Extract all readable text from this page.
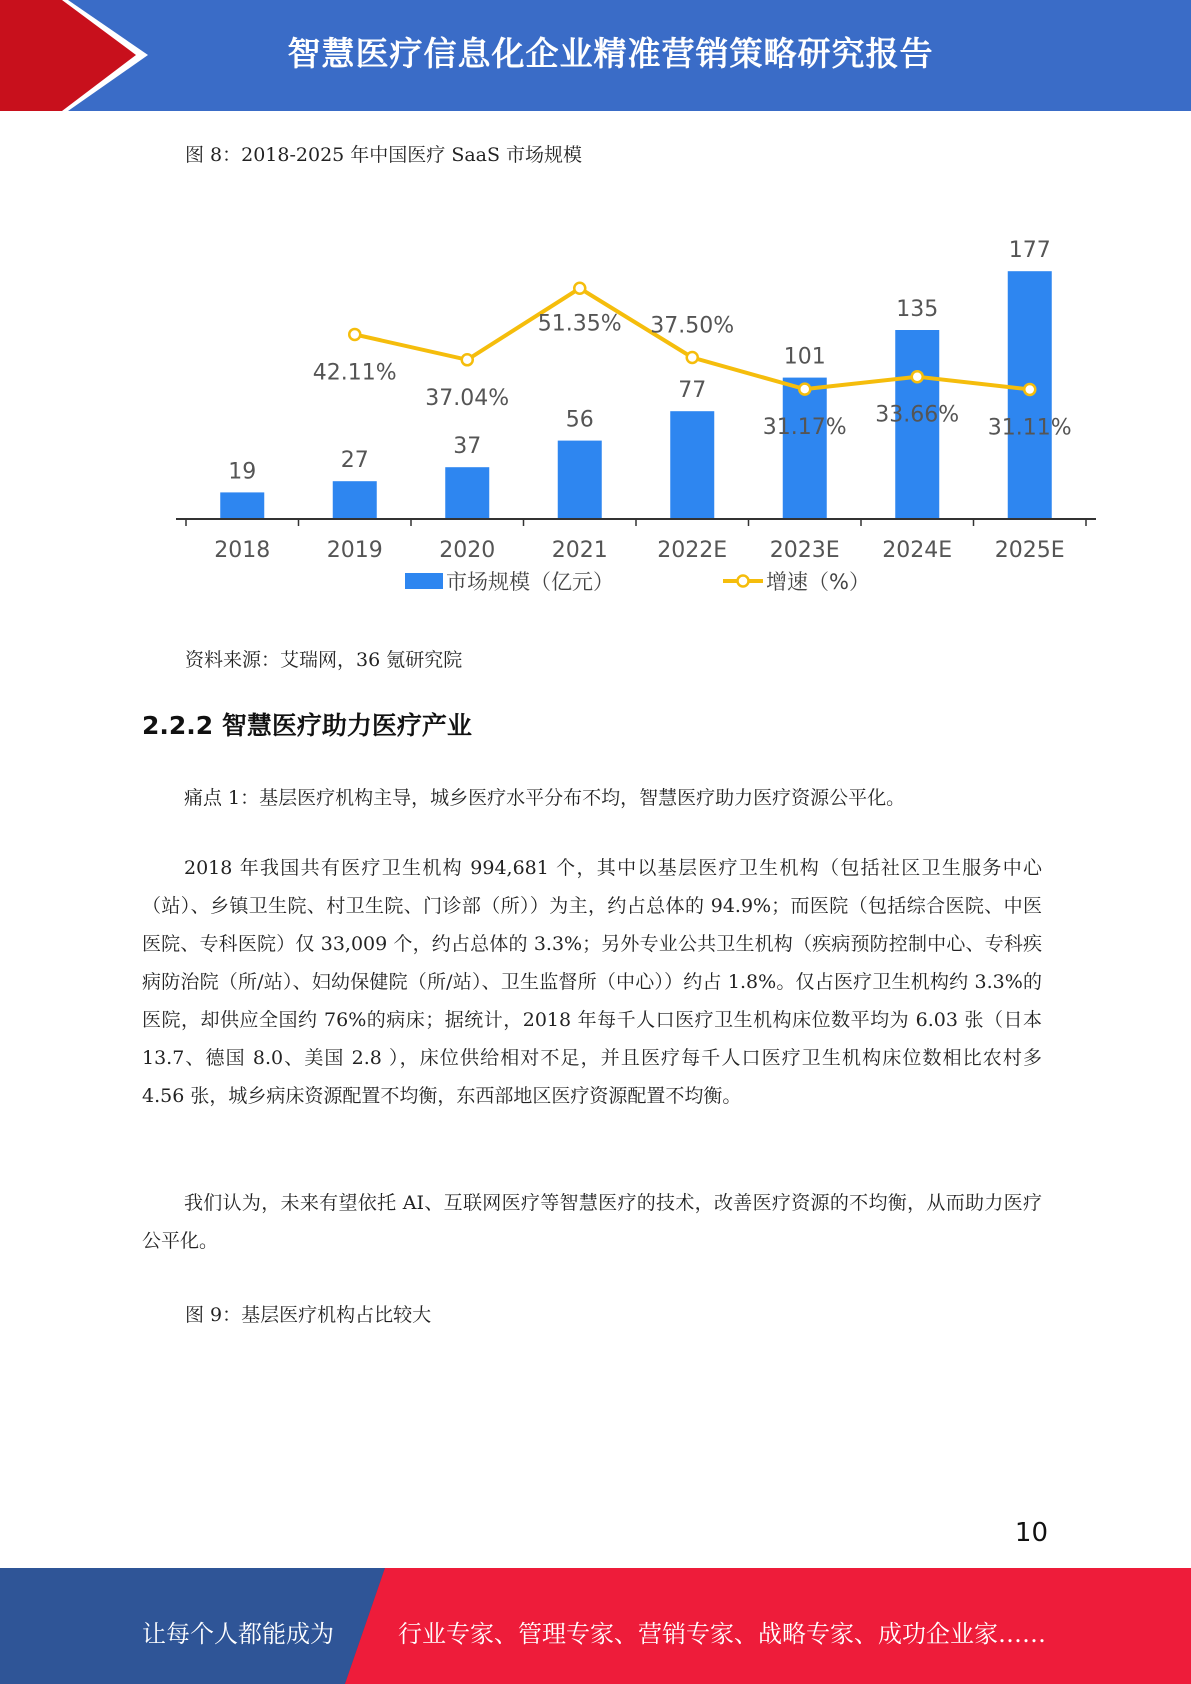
智慧医疗信息化企业精准营销策略研究报告
图 8：2018-2025 年中国医疗 SaaS 市场规模
19	27
37
56
77
101
135
177
2018	2019	2020	2021 2022E 2023E 2024E 2025E
42.11%
37.04%
51.35% 37.50%
31.17% 33.66%
31.11%
市场规模（亿元）	增速（%）
资料来源：艾瑞网，36 氪研究院
2.2.2 智慧医疗助力医疗产业
痛点 1：基层医疗机构主导，城乡医疗水平分布不均，智慧医疗助力医疗资源公平化。
2018 年我国共有医疗卫生机构 994,681 个，其中以基层医疗卫生机构（包括社区卫生服务中心（站）、乡镇卫生院、村卫生院、门诊部（所））为主，约占总体的 94.9%；而医院（包括综合医院、中医医院、专科医院）仅 33,009 个，约占总体的 3.3%；另外专业公共卫生机构（疾病预防控制中心、专科疾病防治院（所/站）、妇幼保健院（所/站）、卫生监督所（中心））约占 1.8%。仅占医疗卫生机构约 3.3%的医院，却供应全国约 76%的病床；据统计，2018 年每千人口医疗卫生机构床位数平均为 6.03 张（日本 13.7、德国 8.0、美国 2.8 ），床位供给相对不足，并且医疗每千人口医疗卫生机构床位数相比农村多 4.56 张，城乡病床资源配置不均衡，东西部地区医疗资源配置不均衡。
我们认为，未来有望依托 AI、互联网医疗等智慧医疗的技术，改善医疗资源的不均衡，从而助力医疗公平化。
图 9：基层医疗机构占比较大
10
让每个人都能成为	行业专家、管理专家、营销专家、战略专家、成功企业家……
